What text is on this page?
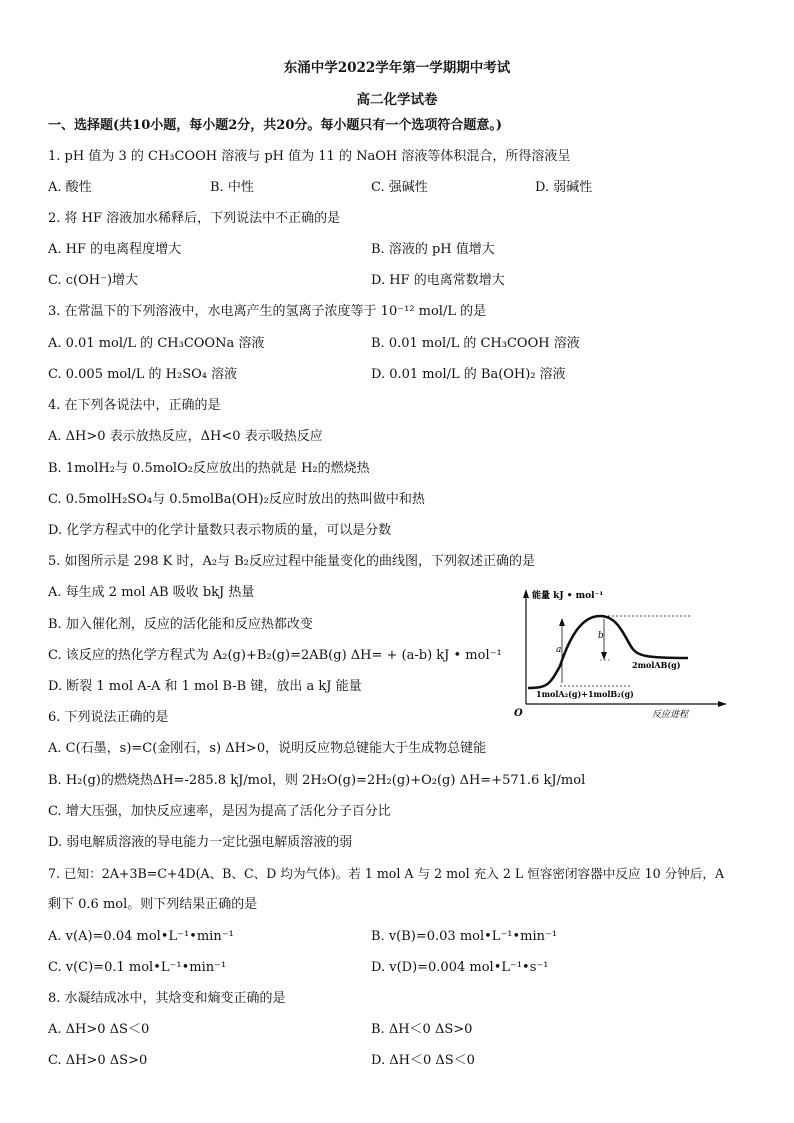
东涌中学2022学年第一学期期中考试
高二化学试卷
一、选择题(共10小题，每小题2分，共20分。每小题只有一个选项符合题意。)
1. pH 值为 3 的 CH₃COOH 溶液与 pH 值为 11 的 NaOH 溶液等体积混合，所得溶液呈
A. 酸性	B. 中性	C. 强碱性	D. 弱碱性
2. 将 HF 溶液加水稀释后，下列说法中不正确的是
A. HF 的电离程度增大	B. 溶液的 pH 值增大
C. c(OH⁻)增大	D. HF 的电离常数增大
3. 在常温下的下列溶液中，水电离产生的氢离子浓度等于 10⁻¹² mol/L 的是
A. 0.01 mol/L 的 CH₃COONa 溶液	B. 0.01 mol/L 的 CH₃COOH 溶液
C. 0.005 mol/L 的 H₂SO₄ 溶液	D. 0.01 mol/L 的 Ba(OH)₂ 溶液
4. 在下列各说法中，正确的是
A. ΔH>0 表示放热反应，ΔH<0 表示吸热反应
B. 1molH₂与 0.5molO₂反应放出的热就是 H₂的燃烧热
C. 0.5molH₂SO₄与 0.5molBa(OH)₂反应时放出的热叫做中和热
D. 化学方程式中的化学计量数只表示物质的量，可以是分数
5. 如图所示是 298 K 时，A₂与 B₂反应过程中能量变化的曲线图，下列叙述正确的是
A. 每生成 2 mol AB 吸收 bkJ 热量
B. 加入催化剂，反应的活化能和反应热都改变
C. 该反应的热化学方程式为 A₂(g)+B₂(g)=2AB(g) ΔH= + (a-b) kJ • mol⁻¹
D. 断裂 1 mol A-A 和 1 mol B-B 键，放出 a kJ 能量
能量 kJ • mol⁻¹
a
b
2molAB(g)
1molA₂(g)+1molB₂(g)
O	反应进程
6. 下列说法正确的是
A. C(石墨，s)=C(金刚石，s) ΔH>0，说明反应物总键能大于生成物总键能
B. H₂(g)的燃烧热ΔH=-285.8 kJ/mol，则 2H₂O(g)=2H₂(g)+O₂(g) ΔH=+571.6 kJ/mol
C. 增大压强，加快反应速率，是因为提高了活化分子百分比
D. 弱电解质溶液的导电能力一定比强电解质溶液的弱
7. 已知：2A+3B=C+4D(A、B、C、D 均为气体)。若 1 mol A 与 2 mol 充入 2 L 恒容密闭容器中反应 10 分钟后，A
剩下 0.6 mol。则下列结果正确的是
A. v(A)=0.04 mol•L⁻¹•min⁻¹	B. v(B)=0.03 mol•L⁻¹•min⁻¹
C. v(C)=0.1 mol•L⁻¹•min⁻¹	D. v(D)=0.004 mol•L⁻¹•s⁻¹
8. 水凝结成冰中，其焓变和熵变正确的是
A. ΔH>0 ΔS＜0	B. ΔH＜0 ΔS>0
C. ΔH>0 ΔS>0	D. ΔH＜0 ΔS＜0
